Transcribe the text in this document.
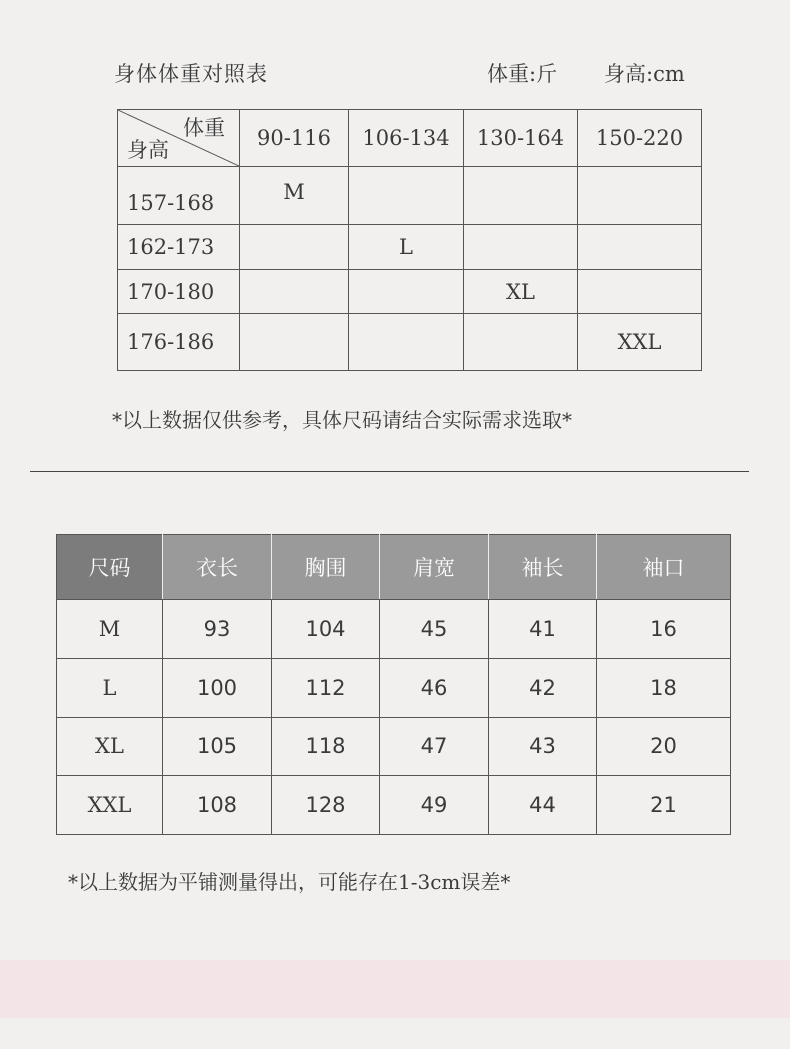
身体体重对照表	体重:斤 身高:cm
体重
身高	90-116	106-134	130-164	150-220
157-168	M			
162-173		L		
170-180			XL	
176-186				XXL
*以上数据仅供参考，具体尺码请结合实际需求选取*
尺码	衣长	胸围	肩宽	袖长	袖口
M	93	104	45	41	16
L	100	112	46	42	18
XL	105	118	47	43	20
XXL	108	128	49	44	21
*以上数据为平铺测量得出，可能存在1-3cm误差*
